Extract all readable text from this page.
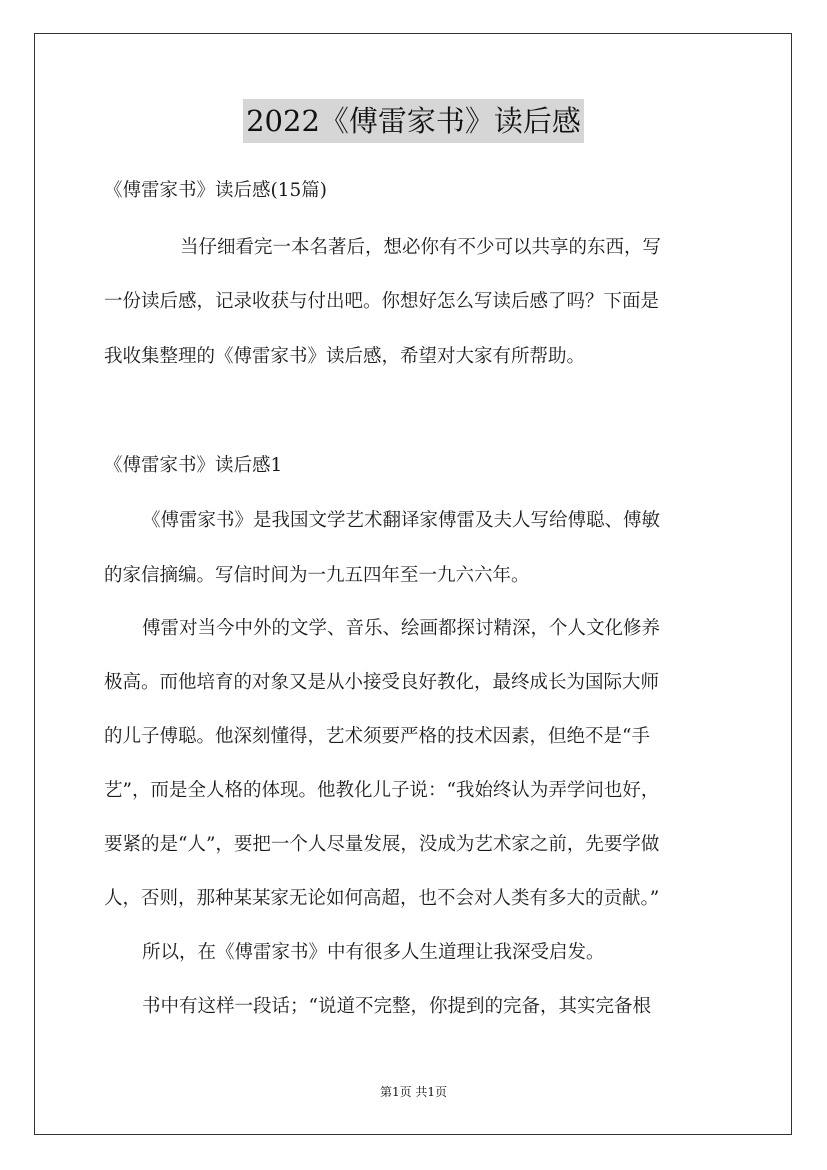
2022《傅雷家书》读后感

《傅雷家书》读后感(15篇)

当仔细看完一本名著后，想必你有不少可以共享的东西，写

一份读后感，记录收获与付出吧。你想好怎么写读后感了吗？下面是

我收集整理的《傅雷家书》读后感，希望对大家有所帮助。

《傅雷家书》读后感1

《傅雷家书》是我国文学艺术翻译家傅雷及夫人写给傅聪、傅敏

的家信摘编。写信时间为一九五四年至一九六六年。

傅雷对当今中外的文学、音乐、绘画都探讨精深，个人文化修养

极高。而他培育的对象又是从小接受良好教化，最终成长为国际大师

的儿子傅聪。他深刻懂得，艺术须要严格的技术因素，但绝不是“手

艺”，而是全人格的体现。他教化儿子说：“我始终认为弄学问也好，

要紧的是“人”，要把一个人尽量发展，没成为艺术家之前，先要学做

人，否则，那种某某家无论如何高超，也不会对人类有多大的贡献。”

所以，在《傅雷家书》中有很多人生道理让我深受启发。

书中有这样一段话；“说道不完整，你提到的完备，其实完备根

第1页 共1页
